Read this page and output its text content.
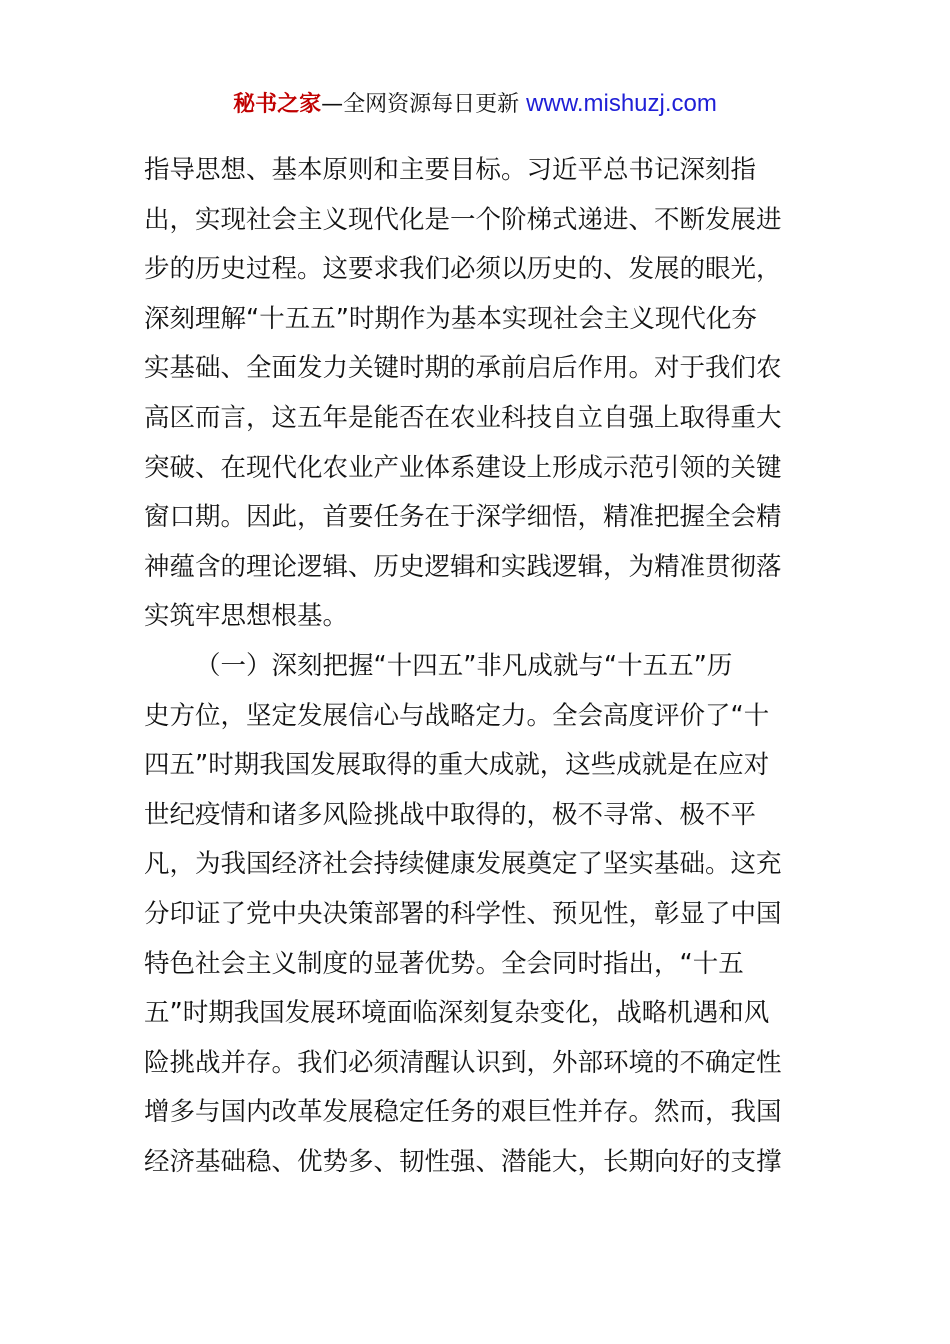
秘书之家—全网资源每日更新 www.mishuzj.com
指导思想、基本原则和主要目标。习近平总书记深刻指
出，实现社会主义现代化是一个阶梯式递进、不断发展进
步的历史过程。这要求我们必须以历史的、发展的眼光，
深刻理解“十五五”时期作为基本实现社会主义现代化夯
实基础、全面发力关键时期的承前启后作用。对于我们农
高区而言，这五年是能否在农业科技自立自强上取得重大
突破、在现代化农业产业体系建设上形成示范引领的关键
窗口期。因此，首要任务在于深学细悟，精准把握全会精
神蕴含的理论逻辑、历史逻辑和实践逻辑，为精准贯彻落
实筑牢思想根基。
（一）深刻把握“十四五”非凡成就与“十五五”历
史方位，坚定发展信心与战略定力。全会高度评价了“十
四五”时期我国发展取得的重大成就，这些成就是在应对
世纪疫情和诸多风险挑战中取得的，极不寻常、极不平
凡，为我国经济社会持续健康发展奠定了坚实基础。这充
分印证了党中央决策部署的科学性、预见性，彰显了中国
特色社会主义制度的显著优势。全会同时指出，“十五
五”时期我国发展环境面临深刻复杂变化，战略机遇和风
险挑战并存。我们必须清醒认识到，外部环境的不确定性
增多与国内改革发展稳定任务的艰巨性并存。然而，我国
经济基础稳、优势多、韧性强、潜能大，长期向好的支撑
